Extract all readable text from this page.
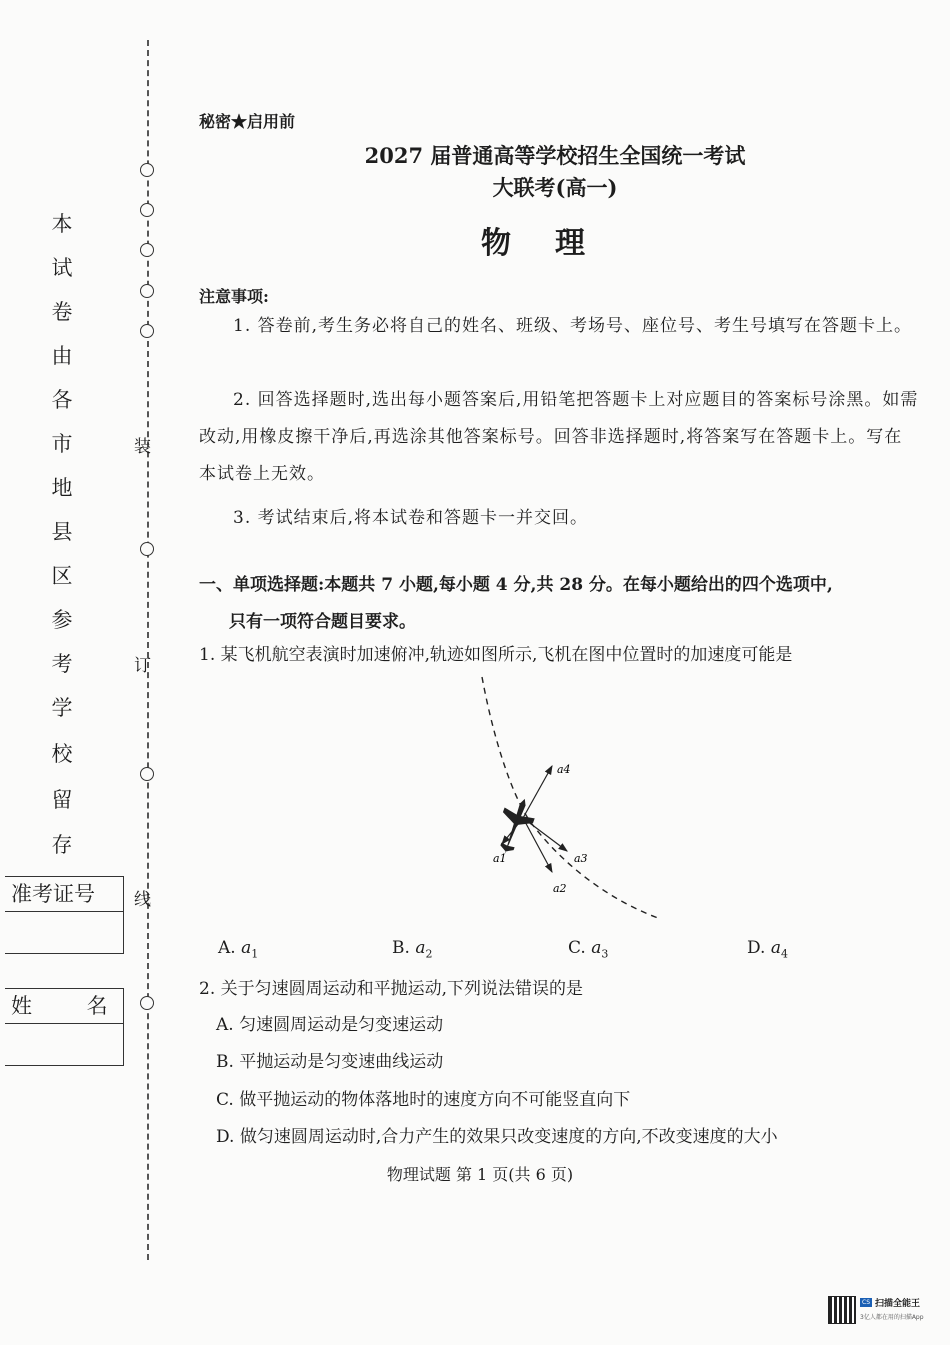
装
订
线
本
试
卷
由
各
市
地
县
区
参
考
学
校
留
存
准考证号
姓 名
秘密★启用前
2027 届普通高等学校招生全国统一考试
大联考(高一)
物理
注意事项:
1. 答卷前,考生务必将自己的姓名、班级、考场号、座位号、考生号填写在答题卡上。
2. 回答选择题时,选出每小题答案后,用铅笔把答题卡上对应题目的答案标号涂黑。如需改动,用橡皮擦干净后,再选涂其他答案标号。回答非选择题时,将答案写在答题卡上。写在本试卷上无效。
3. 考试结束后,将本试卷和答题卡一并交回。
一、单项选择题:本题共 7 小题,每小题 4 分,共 28 分。在每小题给出的四个选项中,
只有一项符合题目要求。
1. 某飞机航空表演时加速俯冲,轨迹如图所示,飞机在图中位置时的加速度可能是
a1
a2
a3
a4
A. $a_1$	B. $a_2$	C. $a_3$	D. $a_4$
2. 关于匀速圆周运动和平抛运动,下列说法错误的是
A. 匀速圆周运动是匀变速运动
B. 平抛运动是匀变速曲线运动
C. 做平抛运动的物体落地时的速度方向不可能竖直向下
D. 做匀速圆周运动时,合力产生的效果只改变速度的方向,不改变速度的大小
物理试题 第 1 页(共 6 页)
CS 扫描全能王
3亿人都在用的扫描App
